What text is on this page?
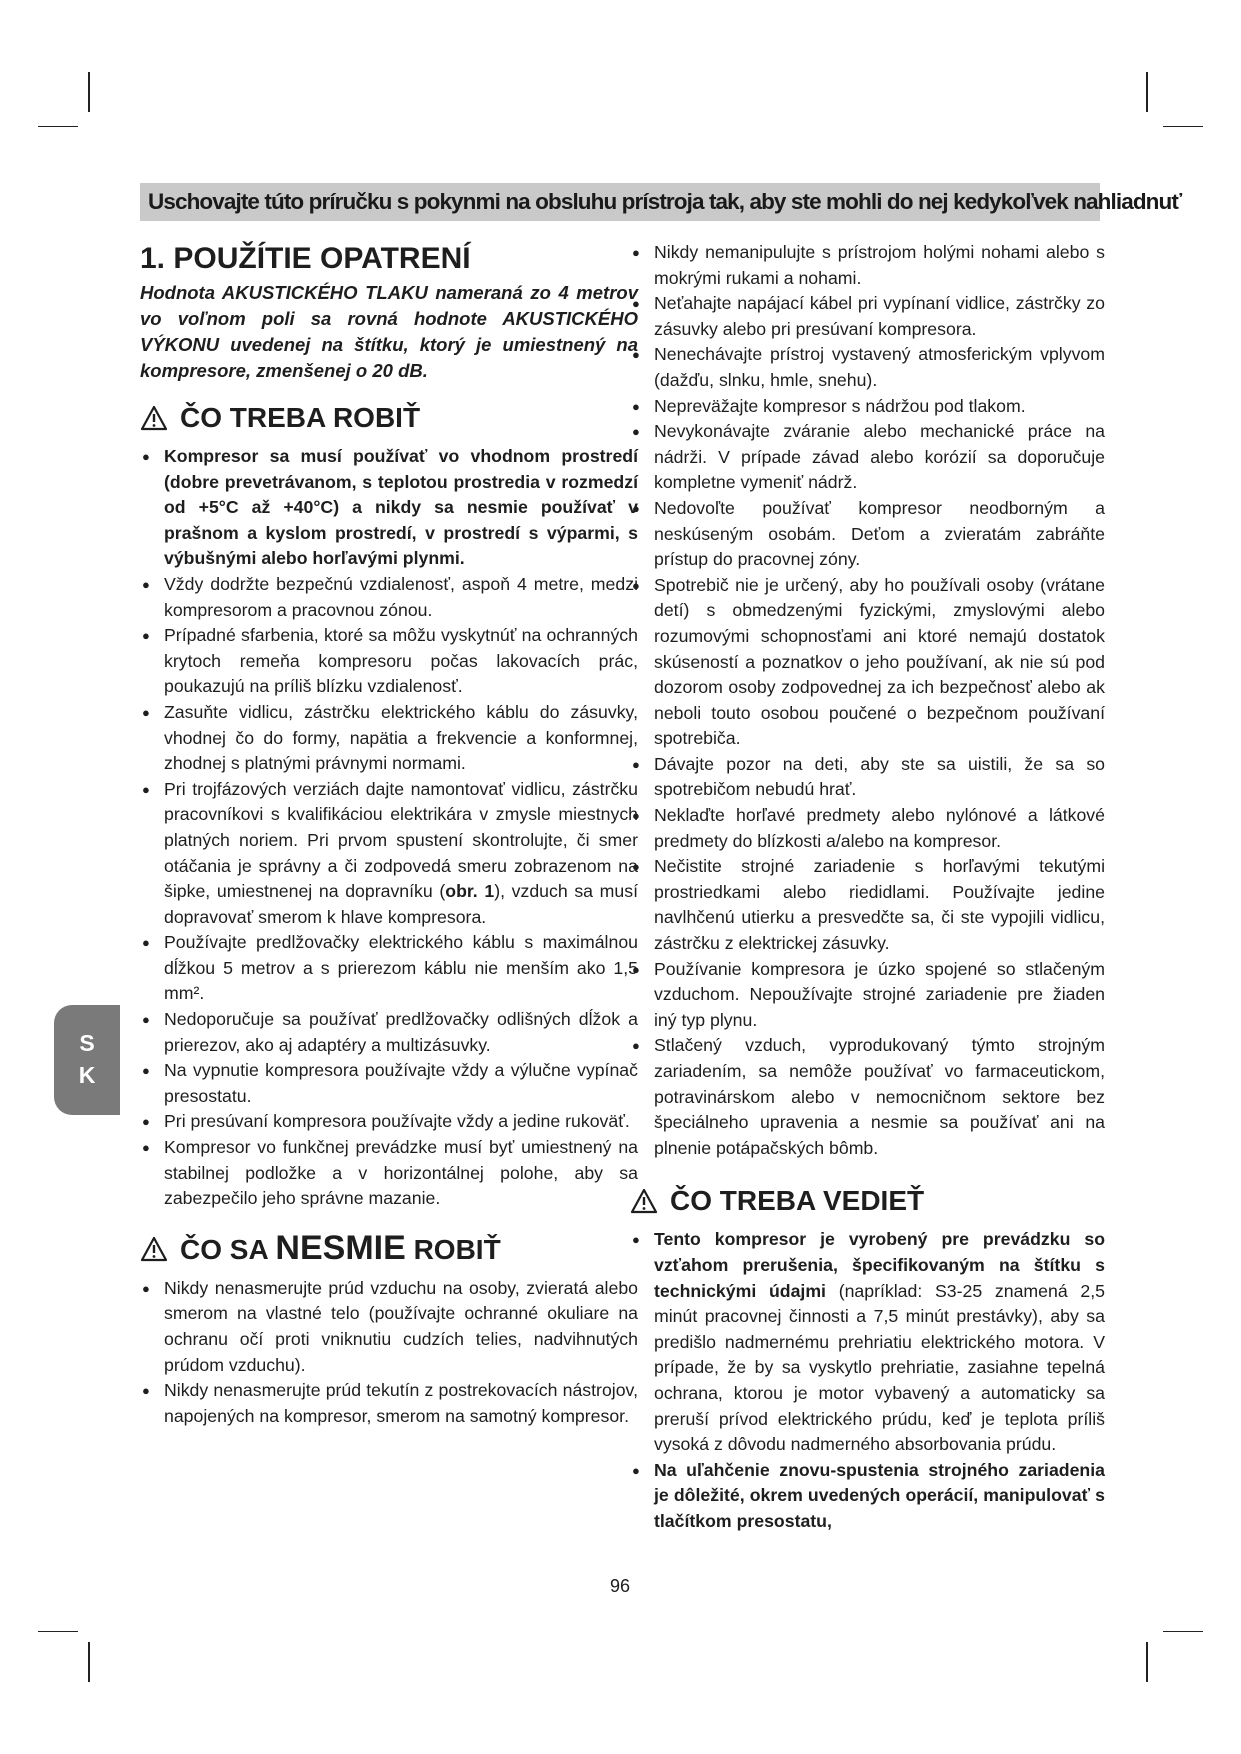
Uschovajte túto príručku s pokynmi na obsluhu prístroja tak, aby ste mohli do nej kedykoľvek nahliadnuť
1. POUŽÍTIE OPATRENÍ

Hodnota AKUSTICKÉHO TLAKU nameraná zo 4 metrov vo voľnom poli sa rovná hodnote AKUSTICKÉHO VÝKONU uvedenej na štítku, ktorý je umiestnený na kompresore, zmenšenej o 20 dB.

ČO TREBA ROBIŤ
● Kompresor sa musí používať vo vhodnom prostredí (dobre prevetrávanom, s teplotou prostredia v rozmedzí od +5°C až +40°C) a nikdy sa nesmie používať v prašnom a kyslom prostredí, v prostredí s výparmi, s výbušnými alebo horľavými plynmi.
● Vždy dodržte bezpečnú vzdialenosť, aspoň 4 metre, medzi kompresorom a pracovnou zónou.
● Prípadné sfarbenia, ktoré sa môžu vyskytnúť na ochranných krytoch remeňa kompresoru počas lakovacích prác, poukazujú na príliš blízku vzdialenosť.
● Zasuňte vidlicu, zástrčku elektrického káblu do zásuvky, vhodnej čo do formy, napätia a frekvencie a konformnej, zhodnej s platnými právnymi normami.
● Pri trojfázových verziách dajte namontovať vidlicu, zástrčku pracovníkovi s kvalifikáciou elektrikára v zmysle miestnych platných noriem. Pri prvom spustení skontrolujte, či smer otáčania je správny a či zodpovedá smeru zobrazenom na šipke, umiestnenej na dopravníku (obr. 1), vzduch sa musí dopravovať smerom k hlave kompresora.
● Používajte predlžovačky elektrického káblu s maximálnou dĺžkou 5 metrov a s prierezom káblu nie menším ako 1,5 mm².
● Nedoporučuje sa používať predlžovačky odlišných dĺžok a prierezov, ako aj adaptéry a multizásuvky.
● Na vypnutie kompresora používajte vždy a výlučne vypínač presostatu.
● Pri presúvaní kompresora používajte vždy a jedine rukoväť.
● Kompresor vo funkčnej prevádzke musí byť umiestnený na stabilnej podložke a v horizontálnej polohe, aby sa zabezpečilo jeho správne mazanie.
ČO SA NESMIE ROBIŤ
● Nikdy nenasmerujte prúd vzduchu na osoby, zvieratá alebo smerom na vlastné telo (používajte ochranné okuliare na ochranu očí proti vniknutiu cudzích telies, nadvihnutých prúdom vzduchu).
● Nikdy nenasmerujte prúd tekutín z postrekovacích nástrojov, napojených na kompresor, smerom na samotný kompresor.
● Nikdy nemanipulujte s prístrojom holými nohami alebo s mokrými rukami a nohami.
● Neťahajte napájací kábel pri vypínaní vidlice, zástrčky zo zásuvky alebo pri presúvaní kompresora.
● Nenechávajte prístroj vystavený atmosferickým vplyvom (dažďu, slnku, hmle, snehu).
● Nepreväžajte kompresor s nádržou pod tlakom.
● Nevykonávajte zváranie alebo mechanické práce na nádrži. V prípade závad alebo korózií sa doporučuje kompletne vymeniť nádrž.
● Nedovoľte používať kompresor neodborným a neskúseným osobám. Deťom a zvieratám zabráňte prístup do pracovnej zóny.
● Spotrebič nie je určený, aby ho používali osoby (vrátane detí) s obmedzenými fyzickými, zmyslovými alebo rozumovými schopnosťami ani ktoré nemajú dostatok skúseností a poznatkov o jeho používaní, ak nie sú pod dozorom osoby zodpovednej za ich bezpečnosť alebo ak neboli touto osobou poučené o bezpečnom používaní spotrebiča.
● Dávajte pozor na deti, aby ste sa uistili, že sa so spotrebičom nebudú hrať.
● Neklaďte horľavé predmety alebo nylónové a látkové predmety do blízkosti a/alebo na kompresor.
● Nečistite strojné zariadenie s horľavými tekutými prostriedkami alebo riedidlami. Používajte jedine navlhčenú utierku a presvedčte sa, či ste vypojili vidlicu, zástrčku z elektrickej zásuvky.
● Používanie kompresora je úzko spojené so stlačeným vzduchom. Nepoužívajte strojné zariadenie pre žiaden iný typ plynu.
● Stlačený vzduch, vyprodukovaný týmto strojným zariadením, sa nemôže používať vo farmaceutickom, potravinárskom alebo v nemocničnom sektore bez špeciálneho upravenia a nesmie sa používať ani na plnenie potápačských bômb.
ČO TREBA VEDIEŤ
● Tento kompresor je vyrobený pre prevádzku so vzťahom prerušenia, špecifikovaným na štítku s technickými údajmi (napríklad: S3-25 znamená 2,5 minút pracovnej činnosti a 7,5 minút prestávky), aby sa predišlo nadmernému prehriatiu elektrického motora. V prípade, že by sa vyskytlo prehriatie, zasiahne tepelná ochrana, ktorou je motor vybavený a automaticky sa preruší prívod elektrického prúdu, keď je teplota príliš vysoká z dôvodu nadmerného absorbovania prúdu.
● Na uľahčenie znovu-spustenia strojného zariadenia je dôležité, okrem uvedených operácií, manipulovať s tlačítkom presostatu,
S
K
96
